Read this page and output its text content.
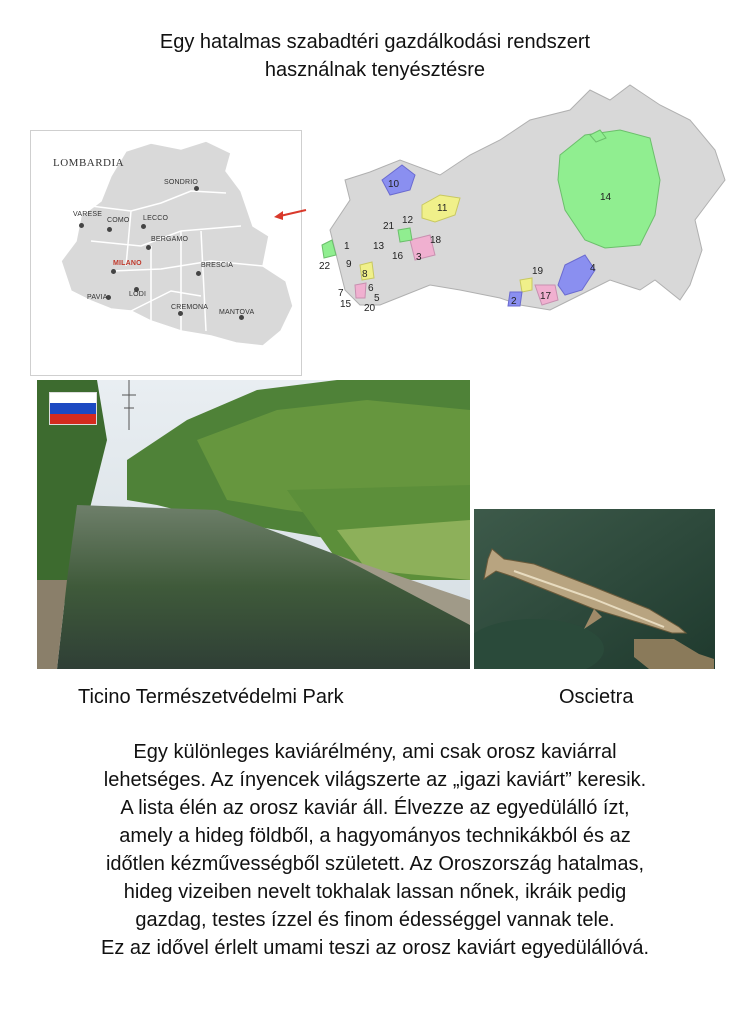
Egy hatalmas szabadtéri gazdálkodási rendszert
használnak tenyésztésre
LOMBARDIA
SONDRIO
VARESE
COMO LECCO
BERGAMO
MILANO	BRESCIA
PAVIA	LODI
CREMONA
MANTOVA
1
2
3
4
5
6
7
8
9
10
11
12
13
14
15
16
17
18
19
20
21
22
Ticino Természetvédelmi Park	Oscietra
Egy különleges kaviárélmény, ami csak orosz kaviárral
lehetséges. Az ínyencek világszerte az „igazi kaviárt” keresik.
A lista élén az orosz kaviár áll. Élvezze az egyedülálló ízt,
amely a hideg földből, a hagyományos technikákból és az
időtlen kézművességből született. Az Oroszország hatalmas,
hideg vizeiben nevelt tokhalak lassan nőnek, ikráik pedig
gazdag, testes ízzel és finom édességgel vannak tele.
Ez az idővel érlelt umami teszi az orosz kaviárt egyedülállóvá.
